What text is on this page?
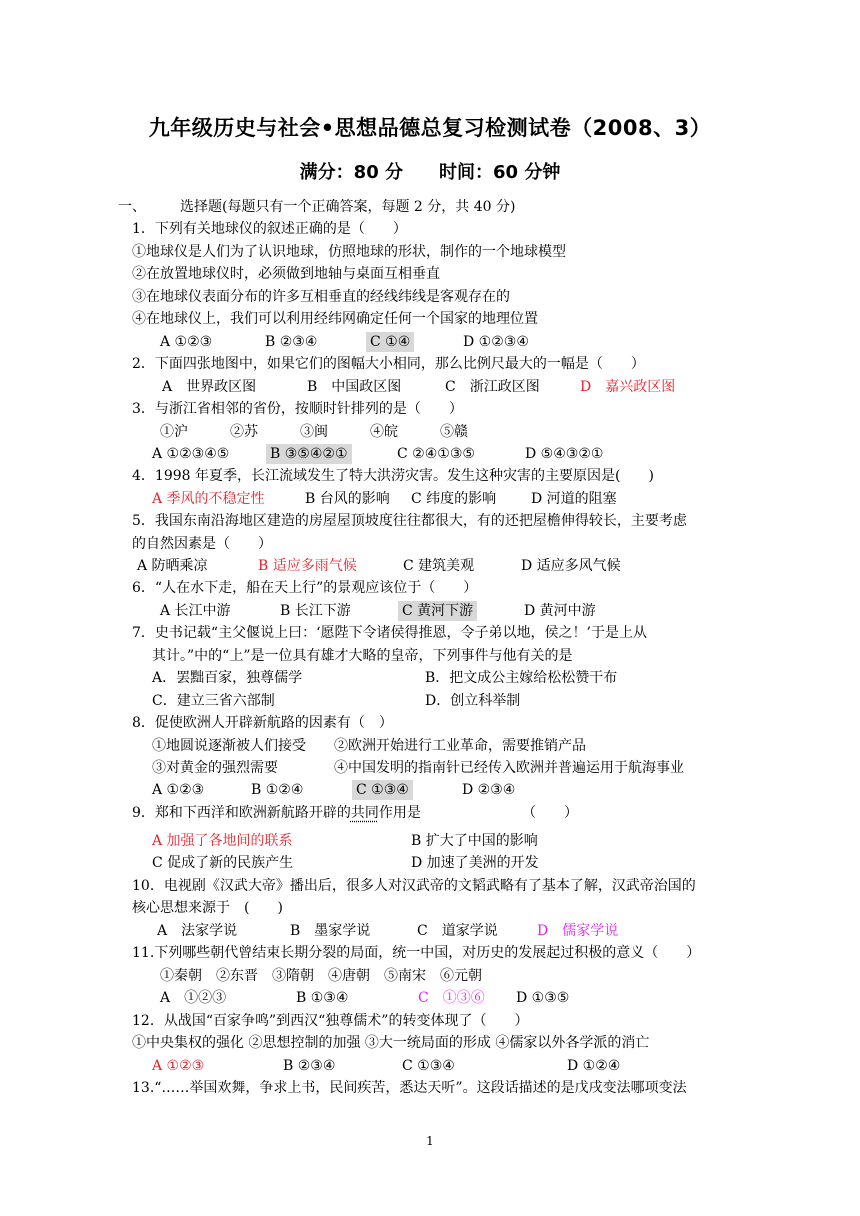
九年级历史与社会•思想品德总复习检测试卷（2008、3）
满分：80 分 时间：60 分钟
一、 选择题(每题只有一个正确答案，每题 2 分，共 40 分)
1．下列有关地球仪的叙述正确的是（　　）
①地球仪是人们为了认识地球，仿照地球的形状，制作的一个地球模型
②在放置地球仪时，必须做到地轴与桌面互相垂直
③在地球仪表面分布的许多互相垂直的经线纬线是客观存在的
④在地球仪上，我们可以利用经纬网确定任何一个国家的地理位置
A ①②③	B ②③④	C ①④	D ①②③④
2．下面四张地图中，如果它们的图幅大小相同，那么比例尺最大的一幅是（　　）
A　世界政区图	B　中国政区图	C　浙江政区图	D　嘉兴政区图
3．与浙江省相邻的省份，按顺时针排列的是（　　）
①沪　　　②苏　　　③闽　　　④皖　　　⑤赣
A ①②③④⑤	B ③⑤④②①	C ②④①③⑤	D ⑤④③②①
4．1998 年夏季，长江流域发生了特大洪涝灾害。发生这种灾害的主要原因是(　　)
A 季风的不稳定性	B 台风的影响 C 纬度的影响 D 河道的阻塞
5．我国东南沿海地区建造的房屋屋顶坡度往往都很大，有的还把屋檐伸得较长，主要考虑
的自然因素是（　　）
A 防晒乘凉	B 适应多雨气候	C 建筑美观	D 适应多风气候
6．“人在水下走，船在天上行”的景观应该位于（　　）
A 长江中游	B 长江下游	C 黄河下游	D 黄河中游
7．史书记载“主父偃说上曰：‘愿陛下令诸侯得推恩，令子弟以地，侯之！’于是上从
其计。”中的“上”是一位具有雄才大略的皇帝，下列事件与他有关的是
A．罢黜百家，独尊儒学	B．把文成公主嫁给松松赞干布
C．建立三省六部制	D．创立科举制
8．促使欧洲人开辟新航路的因素有（　）
①地圆说逐渐被人们接受　　②欧洲开始进行工业革命，需要推销产品
③对黄金的强烈需要	④中国发明的指南针已经传入欧洲并普遍运用于航海事业
A ①②③	B ①②④	C ①③④	D ②③④
9．郑和下西洋和欧洲新航路开辟的共同作用是	（　　）
A 加强了各地间的联系	B 扩大了中国的影响
C 促成了新的民族产生	D 加速了美洲的开发
10．电视剧《汉武大帝》播出后，很多人对汉武帝的文韬武略有了基本了解，汉武帝治国的
核心思想来源于　(　　)
A　法家学说	B　墨家学说	C　道家学说	D　儒家学说
11.下列哪些朝代曾结束长期分裂的局面，统一中国，对历史的发展起过积极的意义（　　）
①秦朝　②东晋　③隋朝　④唐朝　⑤南宋　⑥元朝
A　①②③	B ①③④	C　①③⑥ D ①③⑤
12．从战国“百家争鸣”到西汉“独尊儒术”的转变体现了（　　）
①中央集权的强化 ②思想控制的加强 ③大一统局面的形成 ④儒家以外各学派的消亡
A ①②③	B ②③④	C ①③④	D ①②④
13.“……举国欢舞，争求上书，民间疾苦，悉达天听”。这段话描述的是戊戌变法哪项变法
1
